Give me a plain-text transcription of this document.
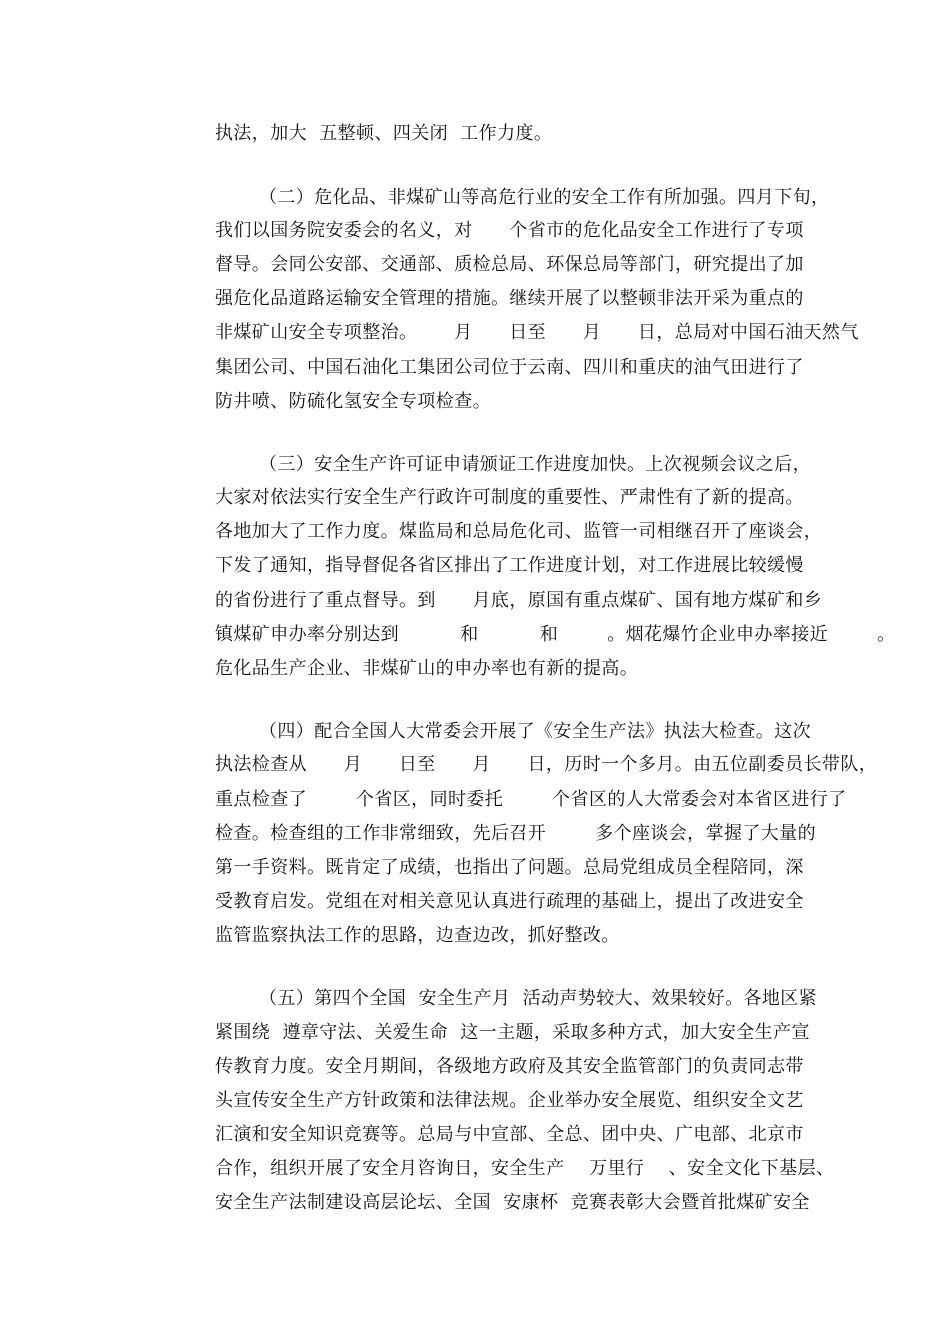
执法，加大  五整顿、四关闭  工作力度。
（二）危化品、非煤矿山等高危行业的安全工作有所加强。四月下旬，
我们以国务院安委会的名义，对      个省市的危化品安全工作进行了专项
督导。会同公安部、交通部、质检总局、环保总局等部门，研究提出了加
强危化品道路运输安全管理的措施。继续开展了以整顿非法开采为重点的
非煤矿山安全专项整治。      月      日至      月      日，总局对中国石油天然气
集团公司、中国石油化工集团公司位于云南、四川和重庆的油气田进行了
防井喷、防硫化氢安全专项检查。
（三）安全生产许可证申请颁证工作进度加快。上次视频会议之后，
大家对依法实行安全生产行政许可制度的重要性、严肃性有了新的提高。
各地加大了工作力度。煤监局和总局危化司、监管一司相继召开了座谈会，
下发了通知，指导督促各省区排出了工作进度计划，对工作进展比较缓慢
的省份进行了重点督导。到      月底，原国有重点煤矿、国有地方煤矿和乡
镇煤矿申办率分别达到          和          和        。烟花爆竹企业申办率接近        。
危化品生产企业、非煤矿山的申办率也有新的提高。
（四）配合全国人大常委会开展了《安全生产法》执法大检查。这次
执法检查从      月      日至      月      日，历时一个多月。由五位副委员长带队，
重点检查了        个省区，同时委托        个省区的人大常委会对本省区进行了
检查。检查组的工作非常细致，先后召开        多个座谈会，掌握了大量的
第一手资料。既肯定了成绩，也指出了问题。总局党组成员全程陪同，深
受教育启发。党组在对相关意见认真进行疏理的基础上，提出了改进安全
监管监察执法工作的思路，边查边改，抓好整改。
（五）第四个全国  安全生产月  活动声势较大、效果较好。各地区紧
紧围绕  遵章守法、关爱生命  这一主题，采取多种方式，加大安全生产宣
传教育力度。安全月期间，各级地方政府及其安全监管部门的负责同志带
头宣传安全生产方针政策和法律法规。企业举办安全展览、组织安全文艺
汇演和安全知识竞赛等。总局与中宣部、全总、团中央、广电部、北京市
合作，组织开展了安全月咨询日，安全生产    万里行    、安全文化下基层、
安全生产法制建设高层论坛、全国  安康杯  竞赛表彰大会暨首批煤矿安全
